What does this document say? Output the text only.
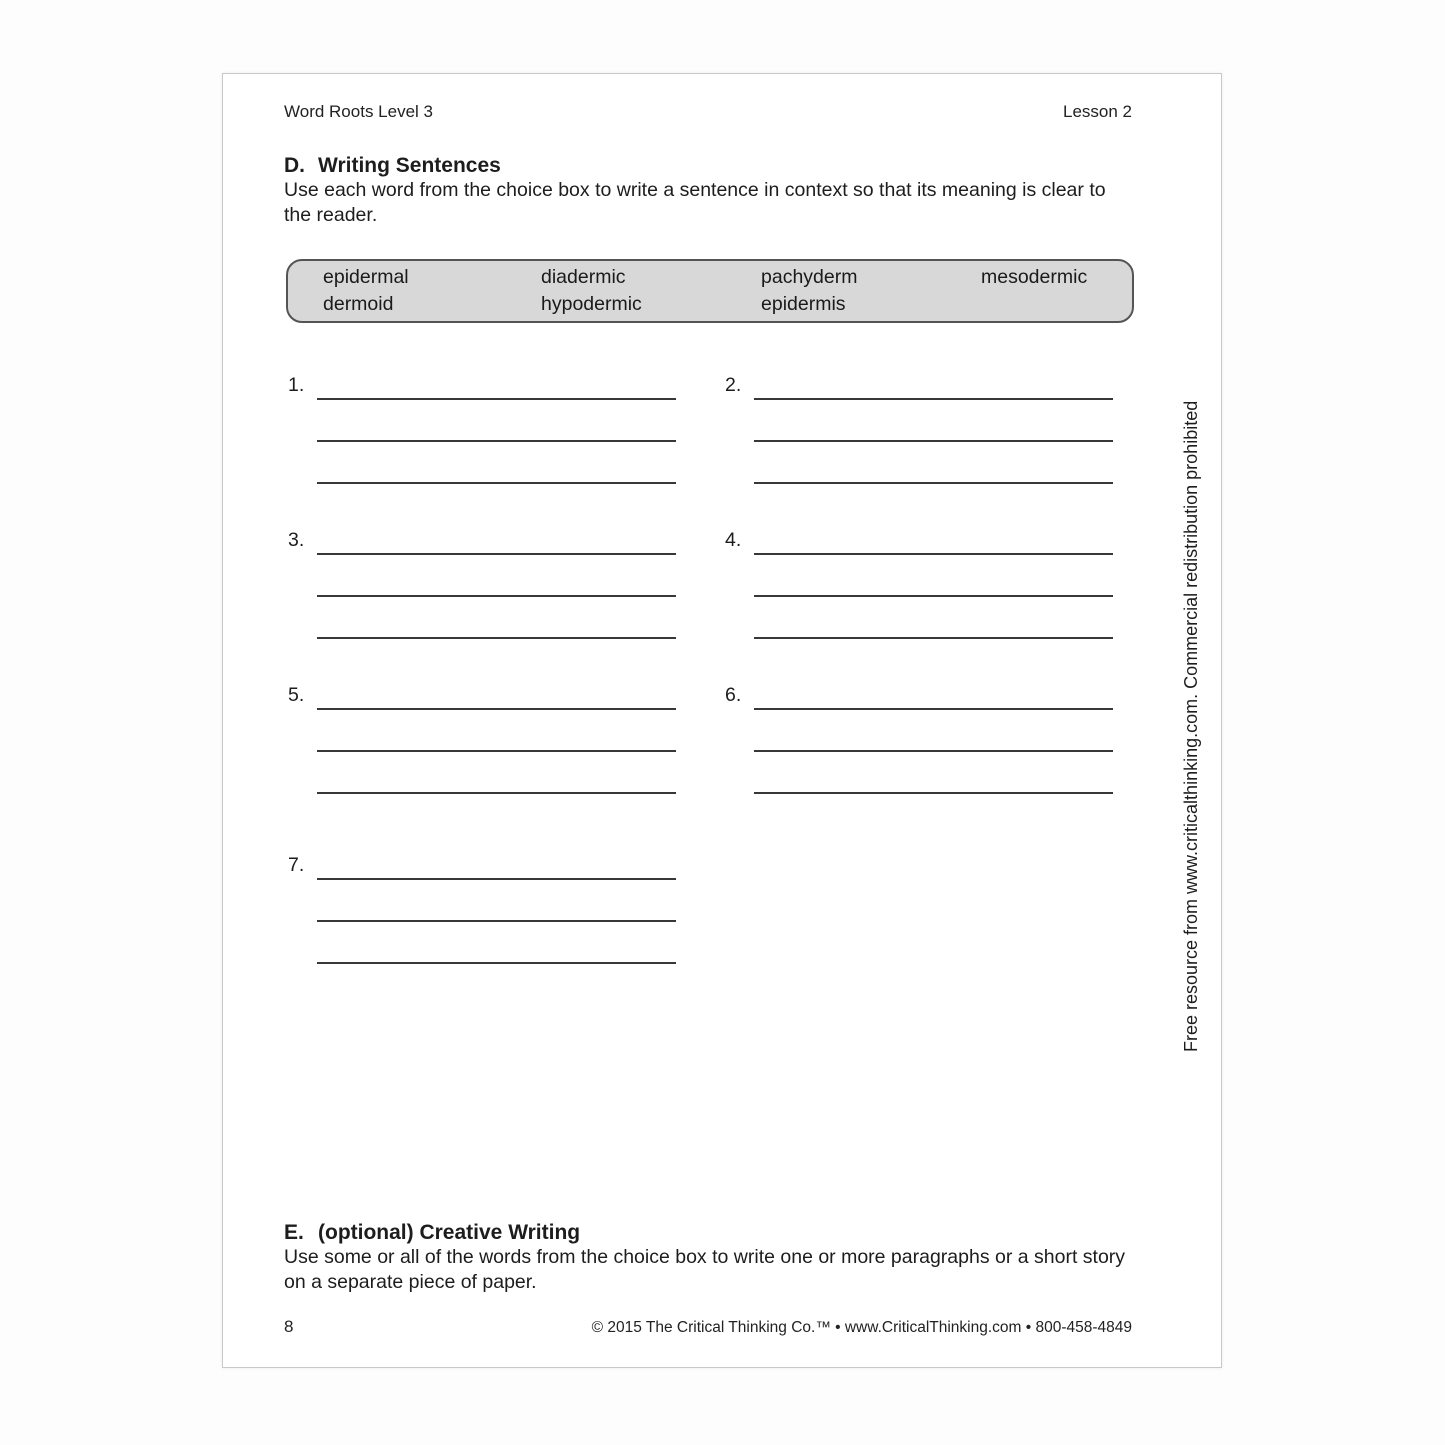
Word Roots Level 3	Lesson 2
D. Writing Sentences

Use each word from the choice box to write a sentence in context so that its meaning is clear to the reader.

epidermal	diadermic	pachyderm	mesodermic
dermoid	hypodermic	epidermis
1.	2.
3.	4.
5.	6.
7.	Free resource from www.criticalthinking.com. Commercial redistribution prohibited
E. (optional) Creative Writing

Use some or all of the words from the choice box to write one or more paragraphs or a short story on a separate piece of paper.

8	© 2015 The Critical Thinking Co.™ • www.CriticalThinking.com • 800-458-4849
